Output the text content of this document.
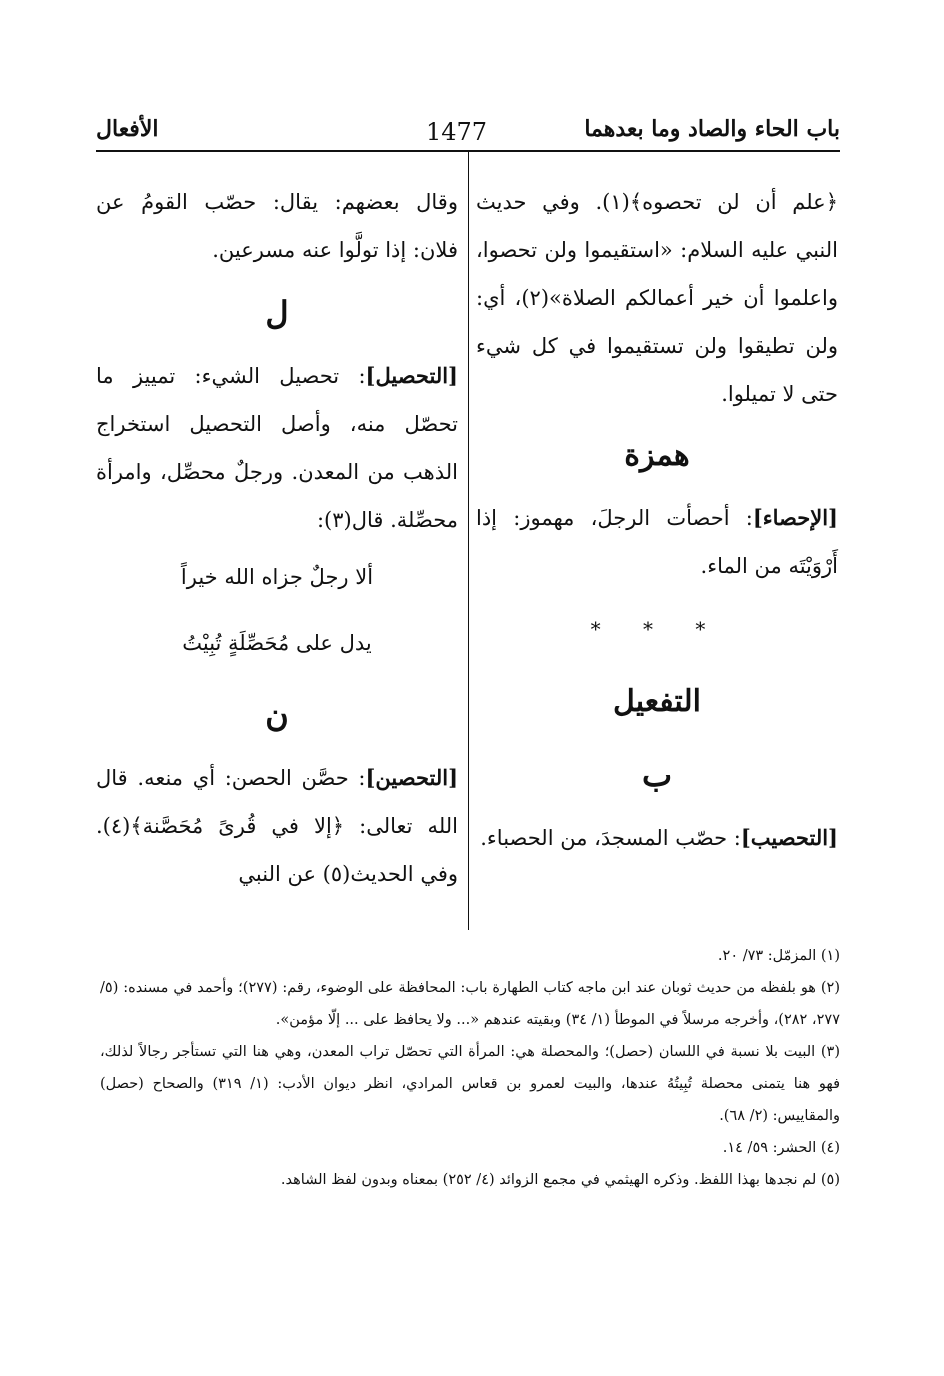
باب الحاء والصاد وما بعدهما
1477
الأفعال

﴿علم أن لن تحصوه﴾(١). وفي حديث النبي عليه السلام: «استقيموا ولن تحصوا، واعلموا أن خير أعمالكم الصلاة»(٢)، أي: ولن تطيقوا ولن تستقيموا في كل شيء حتى لا تميلوا.

همزة

[الإحصاء]: أحصأت الرجلَ، مهموز: إذا أَرْوَيْتَه من الماء.

* * *
التفعيل
ب

[التحصيب]: حصّب المسجدَ، من الحصباء.

وقال بعضهم: يقال: حصّب القومُ عن فلان: إذا تولَّوا عنه مسرعين.

ل

[التحصيل]: تحصيل الشيء: تمييز ما تحصّل منه، وأصل التحصيل استخراج الذهب من المعدن. ورجلٌ محصِّل، وامرأة محصِّلة. قال(٣):

ألا رجلٌ جزاه الله خيراً
يدل على مُحَصِّلَةٍ تُبِيْتُ
ن

[التحصين]: حصَّن الحصن: أي منعه. قال الله تعالى: ﴿إلا في قُرىً مُحَصَّنة﴾(٤). وفي الحديث(٥) عن النبي

(١) المزمّل: ٧٣/ ٢٠.

(٢) هو بلفظه من حديث ثوبان عند ابن ماجه كتاب الطهارة باب: المحافظة على الوضوء، رقم: (٢٧٧)؛ وأحمد في مسنده: (٥/ ٢٧٧، ٢٨٢)، وأخرجه مرسلاً في الموطأ (١/ ٣٤) وبقيته عندهم «... ولا يحافظ على ... إلّا مؤمن».

(٣) البيت بلا نسبة في اللسان (حصل)؛ والمحصلة هي: المرأة التي تحصّل تراب المعدن، وهي هنا التي تستأجر رجالاً لذلك، فهو هنا يتمنى محصلة تُبِيتُهُ عندها، والبيت لعمرو بن قعاس المرادي، انظر ديوان الأدب: (١/ ٣١٩) والصحاح (حصل) والمقاييس: (٢/ ٦٨).

(٤) الحشر: ٥٩/ ١٤.

(٥) لم نجدها بهذا اللفظ. وذكره الهيثمي في مجمع الزوائد (٤/ ٢٥٢) بمعناه وبدون لفظ الشاهد.
